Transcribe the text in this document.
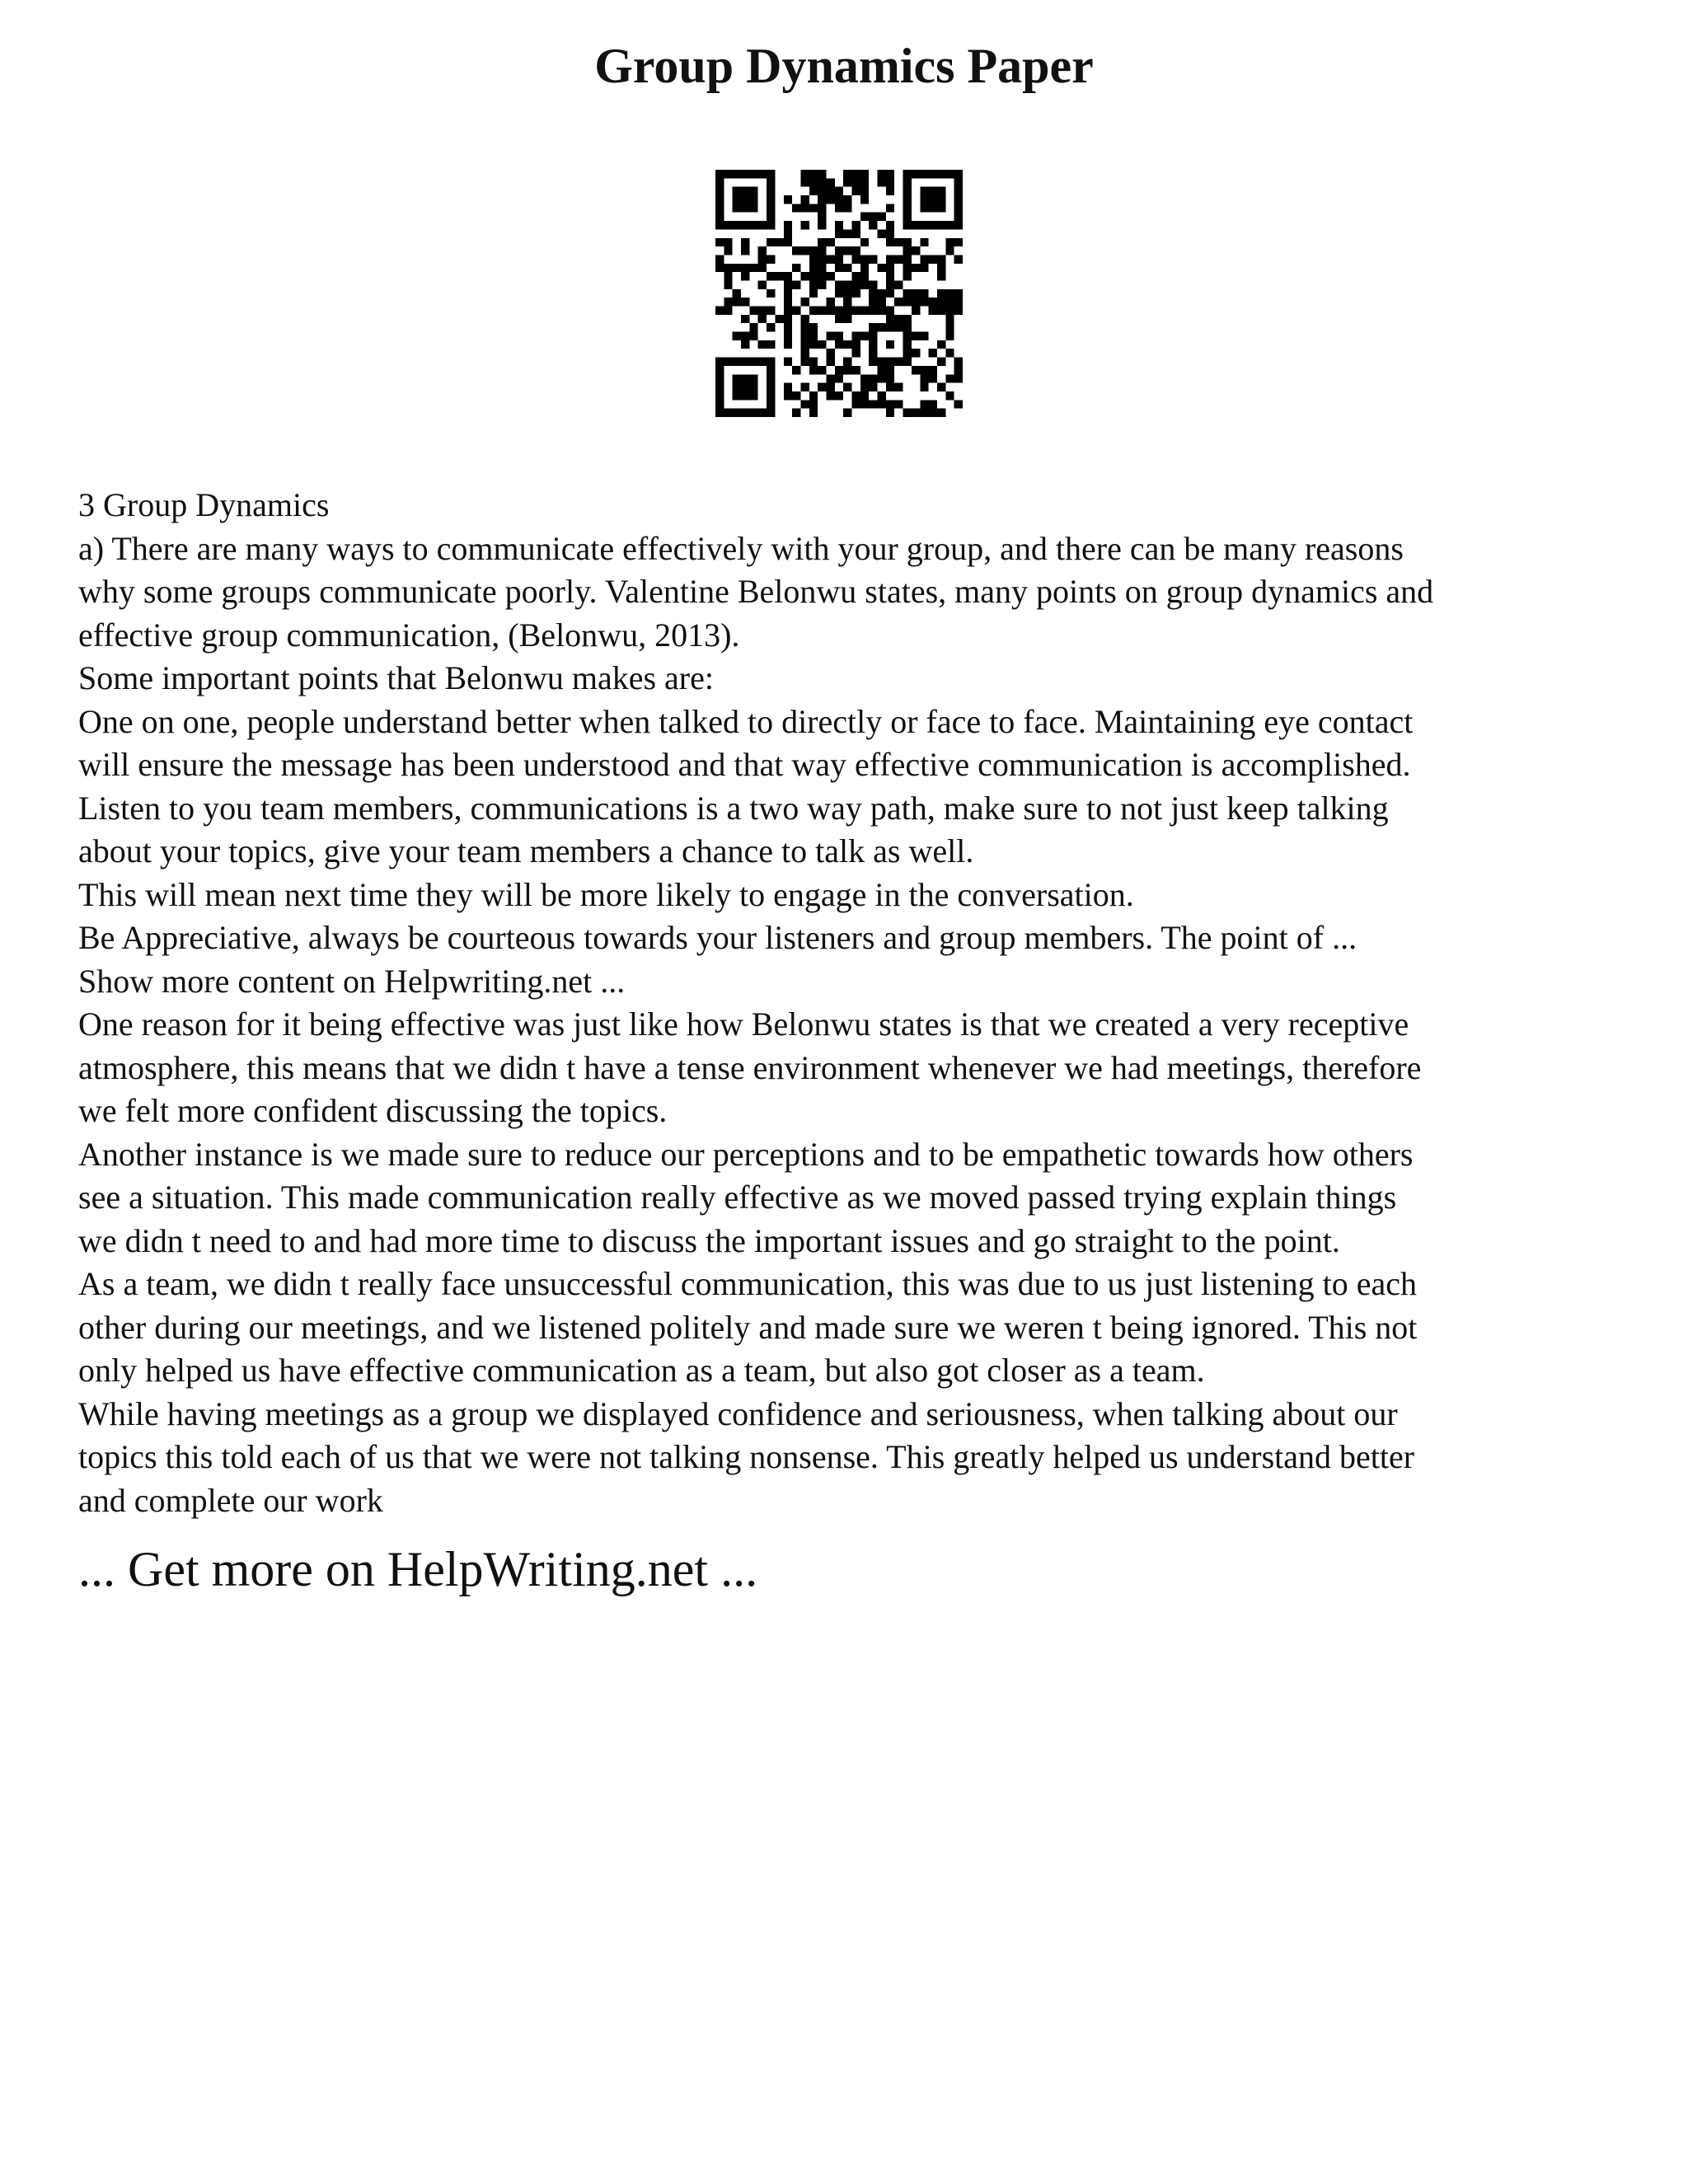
Group Dynamics Paper
3 Group Dynamics
a) There are many ways to communicate effectively with your group, and there can be many reasons
why some groups communicate poorly. Valentine Belonwu states, many points on group dynamics and
effective group communication, (Belonwu, 2013).
Some important points that Belonwu makes are:
One on one, people understand better when talked to directly or face to face. Maintaining eye contact
will ensure the message has been understood and that way effective communication is accomplished.
Listen to you team members, communications is a two way path, make sure to not just keep talking
about your topics, give your team members a chance to talk as well.
This will mean next time they will be more likely to engage in the conversation.
Be Appreciative, always be courteous towards your listeners and group members. The point of ...
Show more content on Helpwriting.net ...
One reason for it being effective was just like how Belonwu states is that we created a very receptive
atmosphere, this means that we didn t have a tense environment whenever we had meetings, therefore
we felt more confident discussing the topics.
Another instance is we made sure to reduce our perceptions and to be empathetic towards how others
see a situation. This made communication really effective as we moved passed trying explain things
we didn t need to and had more time to discuss the important issues and go straight to the point.
As a team, we didn t really face unsuccessful communication, this was due to us just listening to each
other during our meetings, and we listened politely and made sure we weren t being ignored. This not
only helped us have effective communication as a team, but also got closer as a team.
While having meetings as a group we displayed confidence and seriousness, when talking about our
topics this told each of us that we were not talking nonsense. This greatly helped us understand better
and complete our work
... Get more on HelpWriting.net ...
